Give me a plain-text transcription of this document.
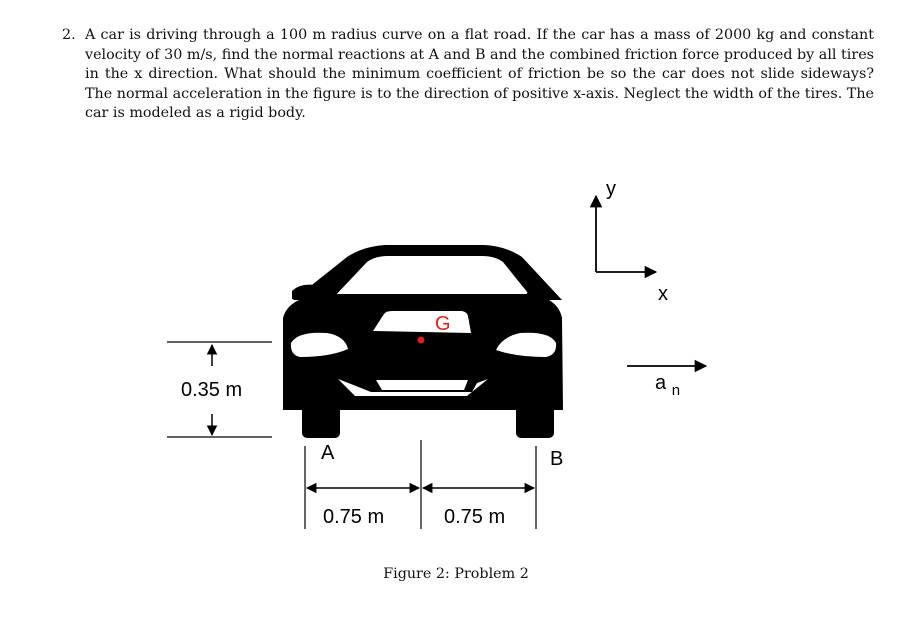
2. A car is driving through a 100 m radius curve on a flat road. If the car has a mass of 2000 kg and constant
velocity of 30 m/s, find the normal reactions at A and B and the combined friction force produced by all tires
in the x direction. What should the minimum coefficient of friction be so the car does not slide sideways?
The normal acceleration in the figure is to the direction of positive x-axis. Neglect the width of the tires. The
car is modeled as a rigid body.
y
x
a $_n$
G
0.35 m
A	B
0.75 m	0.75 m
Figure 2: Problem 2
